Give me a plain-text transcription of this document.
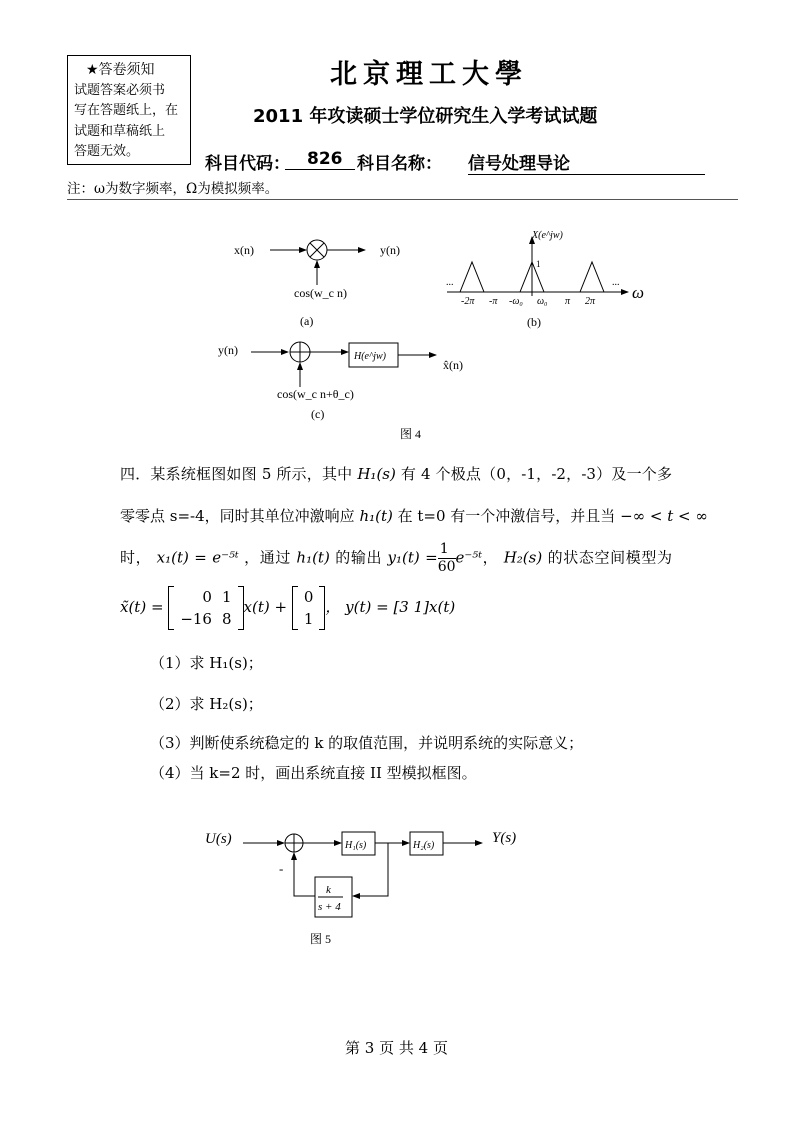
★答卷须知
试题答案必须书
写在答题纸上，在
试题和草稿纸上
答题无效。
北京理工大學
2011 年攻读硕士学位研究生入学考试试题
科目代码：	826 科目名称： 信号处理导论
注：ω为数字频率，Ω为模拟频率。
x(n)	y(n)
cos(w_c n)
(a)
X(e^jw)
1
ω
...	...
-2π -π -ω₀ ω₀ π 2π
(b)
y(n)	H(e^jw)
x̂(n)
cos(w_c n+θ_c)
(c)
图 4
U(s)	Y(s)
H₁(s)	H₂(s)
k
s + 4
-
图 5
四．某系统框图如图 5 所示，其中 H₁(s) 有 4 个极点（0，-1，-2，-3）及一个多
零零点 s=-4，同时其单位冲激响应 h₁(t) 在 t=0 有一个冲激信号，并且当 −∞ < t < ∞
时， x₁(t) = e⁻⁵ᵗ ，通过 h₁(t) 的输出 $y_1(t) = \frac{1}{60}$ e⁻⁵ᵗ， H₂(s) 的状态空间模型为
x̃(t) =
0	1
−16	8
x(t) +
0
1
， y(t) = [3 1]x(t)
（1）求 H₁(s)；
（2）求 H₂(s)；
（3）判断使系统稳定的 k 的取值范围，并说明系统的实际意义；
（4）当 k=2 时，画出系统直接 II 型模拟框图。
第 3 页 共 4 页
